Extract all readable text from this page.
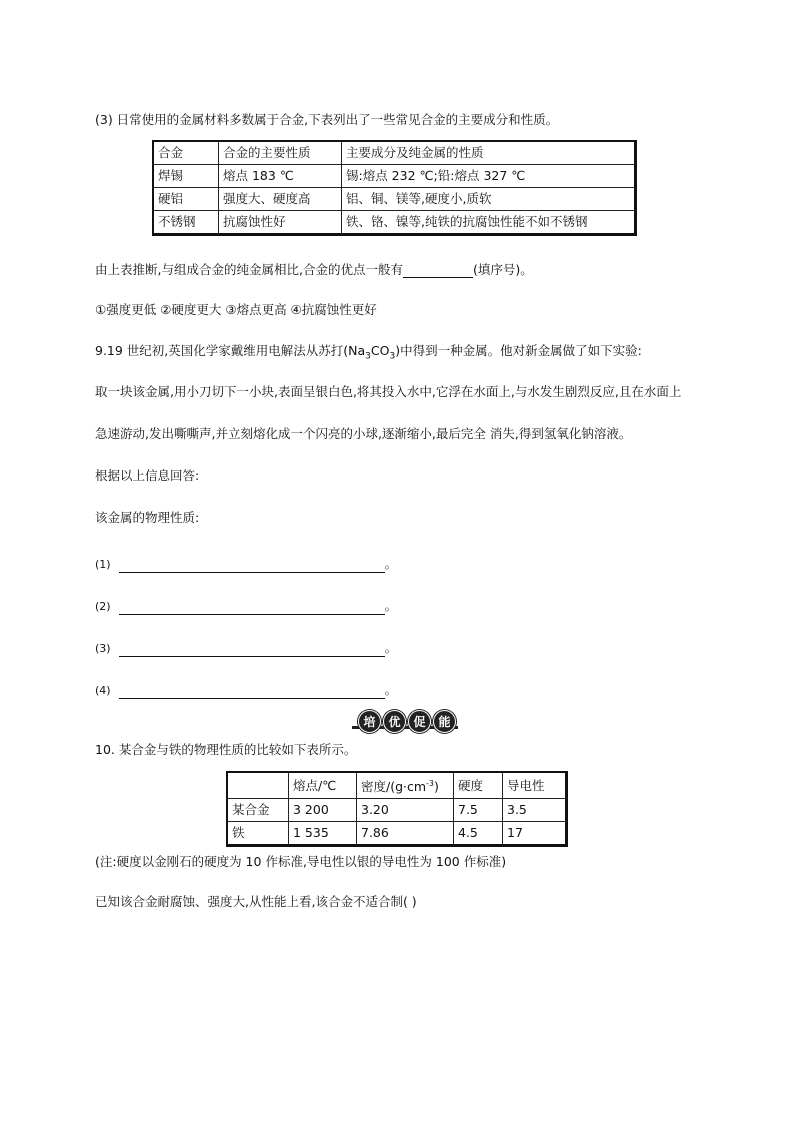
(3) 日常使用的金属材料多数属于合金,下表列出了一些常见合金的主要成分和性质。
合金	合金的主要性质	主要成分及纯金属的性质
焊锡	熔点 183 ℃	锡:熔点 232 ℃;铅:熔点 327 ℃
硬铝	强度大、硬度高	铝、铜、镁等,硬度小,质软
不锈钢	抗腐蚀性好	铁、铬、镍等,纯铁的抗腐蚀性能不如不锈钢
由上表推断,与组成合金的纯金属相比,合金的优点一般有	(填序号)。
①强度更低 ②硬度更大 ③熔点更高 ④抗腐蚀性更好
9.19 世纪初,英国化学家戴维用电解法从苏打$(Na_3CO_3)$中得到一种金属。他对新金属做了如下实验:
取一块该金属,用小刀切下一小块,表面呈银白色,将其投入水中,它浮在水面上,与水发生剧烈反应,且在水面上
急速游动,发出嘶嘶声,并立刻熔化成一个闪亮的小球,逐渐缩小,最后完全 消失,得到氢氧化钠溶液。
根据以上信息回答:
该金属的物理性质:
(1)	。
(2)	。
(3)	。
(4)	。
培	优	促	能
10. 某合金与铁的物理性质的比较如下表所示。
	熔点/℃	密度$/(g\cdot cm^{-3})$	硬度	导电性
某合金	3 200	3.20	7.5	3.5
铁	1 535	7.86	4.5	17
(注:硬度以金刚石的硬度为 10 作标准,导电性以银的导电性为 100 作标准)
已知该合金耐腐蚀、强度大,从性能上看,该合金不适合制( )
